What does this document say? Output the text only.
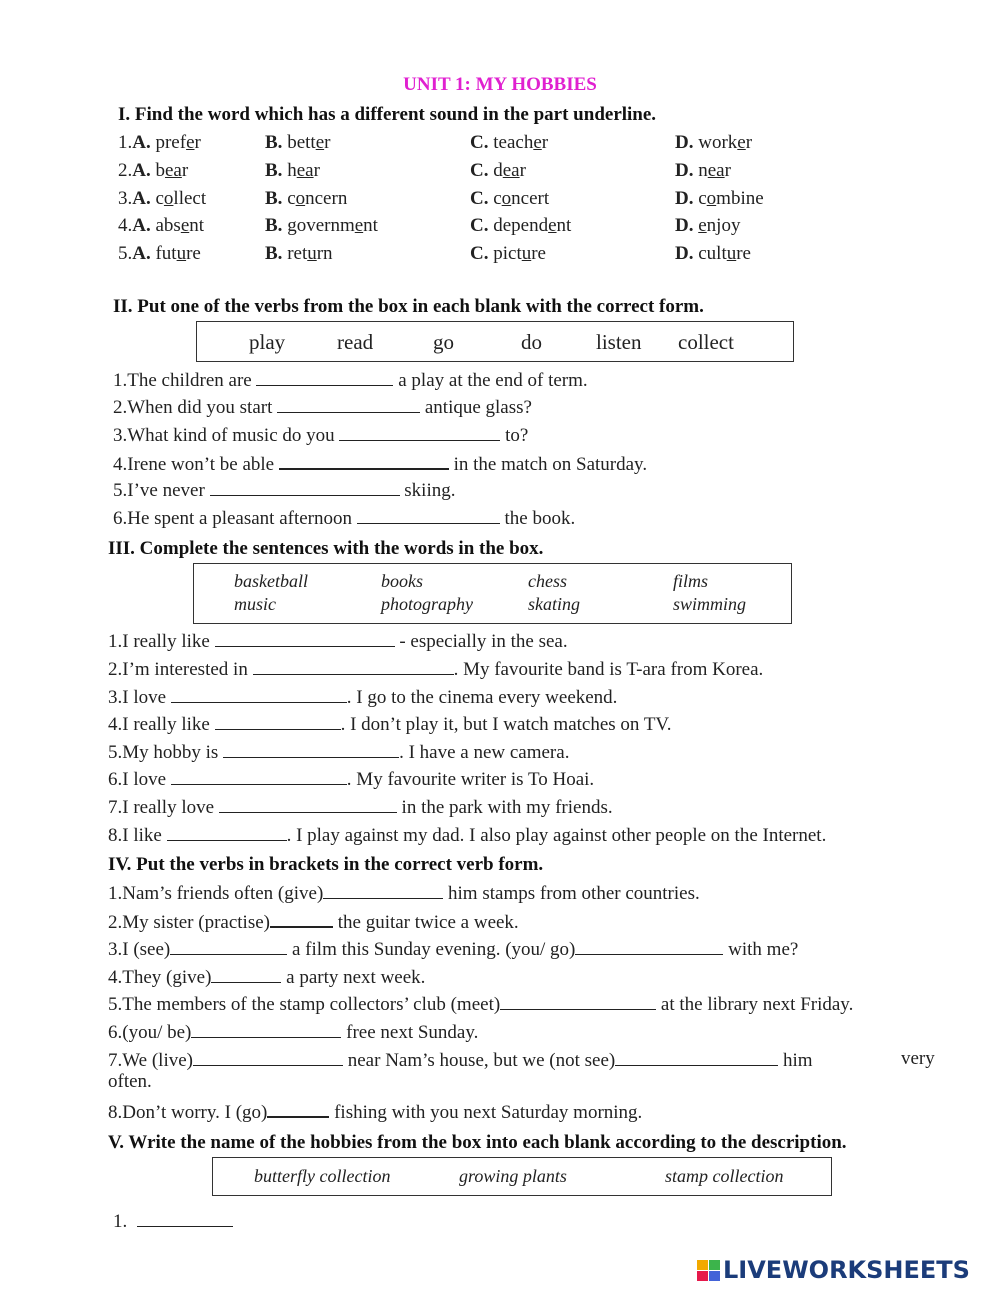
UNIT 1: MY HOBBIES
I. Find the word which has a different sound in the part underline.
1.A. prefer	B. better	C. teacher	D. worker
2.A. bear	B. hear	C. dear	D. near
3.A. collect	B. concern	C. concert	D. combine
4.A. absent	B. government	C. dependent	D. enjoy
5.A. future	B. return	C. picture	D. culture
II. Put one of the verbs from the box in each blank with the correct form.
play read	go	do	listen collect
1.The children are	a play at the end of term.
2.When did you start	antique glass?
3.What kind of music do you	to?
4.Irene won’t be able	in the match on Saturday.
5.I’ve never	skiing.
6.He spent a pleasant afternoon	the book.
III. Complete the sentences with the words in the box.
basketball	books	chess	films
music	photography	skating	swimming
1.I really like	- especially in the sea.
2.I’m interested in	. My favourite band is T-ara from Korea.
3.I love	. I go to the cinema every weekend.
4.I really like	. I don’t play it, but I watch matches on TV.
5.My hobby is	. I have a new camera.
6.I love	. My favourite writer is To Hoai.
7.I really love	in the park with my friends.
8.I like	. I play against my dad. I also play against other people on the Internet.
IV. Put the verbs in brackets in the correct verb form.
1.Nam’s friends often (give)	him stamps from other countries.
2.My sister (practise)	the guitar twice a week.
3.I (see)	a film this Sunday evening. (you/ go)	with me?
4.They (give)	a party next week.
5.The members of the stamp collectors’ club (meet)	at the library next Friday.
6.(you/ be)	free next Sunday.
7.We (live)	near Nam’s house, but we (not see)	him	very
often.
8.Don’t worry. I (go)	fishing with you next Saturday morning.
V. Write the name of the hobbies from the box into each blank according to the description.
butterfly collection	growing plants	stamp collection
1.
LIVEWORKSHEETS
